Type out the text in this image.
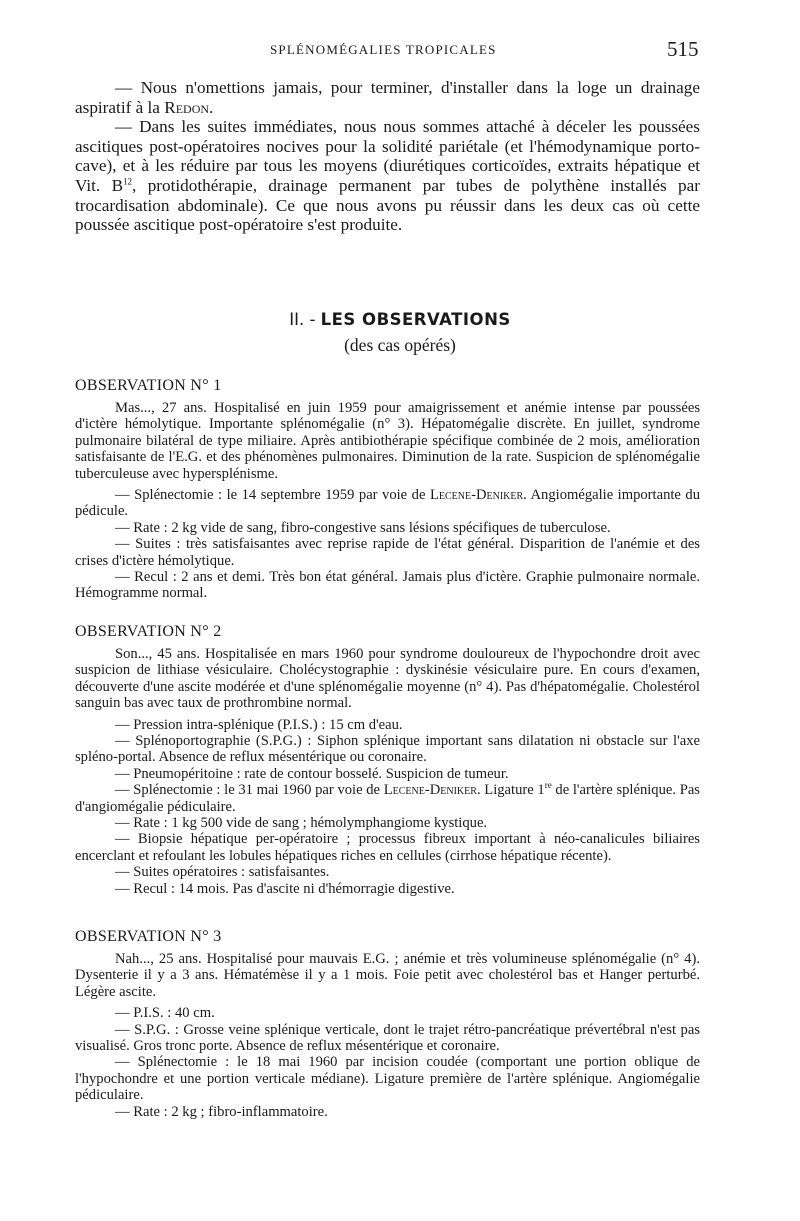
SPLÉNOMÉGALIES TROPICALES	515

— Nous n'omettions jamais, pour terminer, d'installer dans la loge un drainage aspiratif à la Redon.

— Dans les suites immédiates, nous nous sommes attaché à déceler les poussées ascitiques post-opératoires nocives pour la solidité pariétale (et l'hémodynamique porto-cave), et à les réduire par tous les moyens (diurétiques corticoïdes, extraits hépatique et Vit. $B^{12}$, protidothérapie, drainage permanent par tubes de polythène installés par trocardisation abdominale). Ce que nous avons pu réussir dans les deux cas où cette poussée ascitique post-opératoire s'est produite.

II. - LES OBSERVATIONS
(des cas opérés)
OBSERVATION N° 1

Mas..., 27 ans. Hospitalisé en juin 1959 pour amaigrissement et anémie intense par poussées d'ictère hémolytique. Importante splénomégalie (n° 3). Hépatomégalie discrète. En juillet, syndrome pulmonaire bilatéral de type miliaire. Après antibiothérapie spécifique combinée de 2 mois, amélioration satisfaisante de l'E.G. et des phénomènes pulmonaires. Diminution de la rate. Suspicion de splénomégalie tuberculeuse avec hypersplénisme.

— Splénectomie : le 14 septembre 1959 par voie de Lecene-Deniker. Angiomégalie importante du pédicule.

— Rate : 2 kg vide de sang, fibro-congestive sans lésions spécifiques de tuberculose.

— Suites : très satisfaisantes avec reprise rapide de l'état général. Disparition de l'anémie et des crises d'ictère hémolytique.

— Recul : 2 ans et demi. Très bon état général. Jamais plus d'ictère. Graphie pulmonaire normale. Hémogramme normal.

OBSERVATION N° 2

Son..., 45 ans. Hospitalisée en mars 1960 pour syndrome douloureux de l'hypochondre droit avec suspicion de lithiase vésiculaire. Cholécystographie : dyskinésie vésiculaire pure. En cours d'examen, découverte d'une ascite modérée et d'une splénomégalie moyenne (n° 4). Pas d'hépatomégalie. Cholestérol sanguin bas avec taux de prothrombine normal.

— Pression intra-splénique (P.I.S.) : 15 cm d'eau.

— Splénoportographie (S.P.G.) : Siphon splénique important sans dilatation ni obstacle sur l'axe spléno-portal. Absence de reflux mésentérique ou coronaire.

— Pneumopéritoine : rate de contour bosselé. Suspicion de tumeur.

— Splénectomie : le 31 mai 1960 par voie de Lecene-Deniker. Ligature 1re de l'artère splénique. Pas d'angiomégalie pédiculaire.

— Rate : 1 kg 500 vide de sang ; hémolymphangiome kystique.

— Biopsie hépatique per-opératoire ; processus fibreux important à néo-canalicules biliaires encerclant et refoulant les lobules hépatiques riches en cellules (cirrhose hépatique récente).

— Suites opératoires : satisfaisantes.

— Recul : 14 mois. Pas d'ascite ni d'hémorragie digestive.

OBSERVATION N° 3

Nah..., 25 ans. Hospitalisé pour mauvais E.G. ; anémie et très volumineuse splénomégalie (n° 4). Dysenterie il y a 3 ans. Hématémèse il y a 1 mois. Foie petit avec cholestérol bas et Hanger perturbé. Légère ascite.

— P.I.S. : 40 cm.

— S.P.G. : Grosse veine splénique verticale, dont le trajet rétro-pancréatique prévertébral n'est pas visualisé. Gros tronc porte. Absence de reflux mésentérique et coronaire.

— Splénectomie : le 18 mai 1960 par incision coudée (comportant une portion oblique de l'hypochondre et une portion verticale médiane). Ligature première de l'artère splénique. Angiomégalie pédiculaire.

— Rate : 2 kg ; fibro-inflammatoire.
